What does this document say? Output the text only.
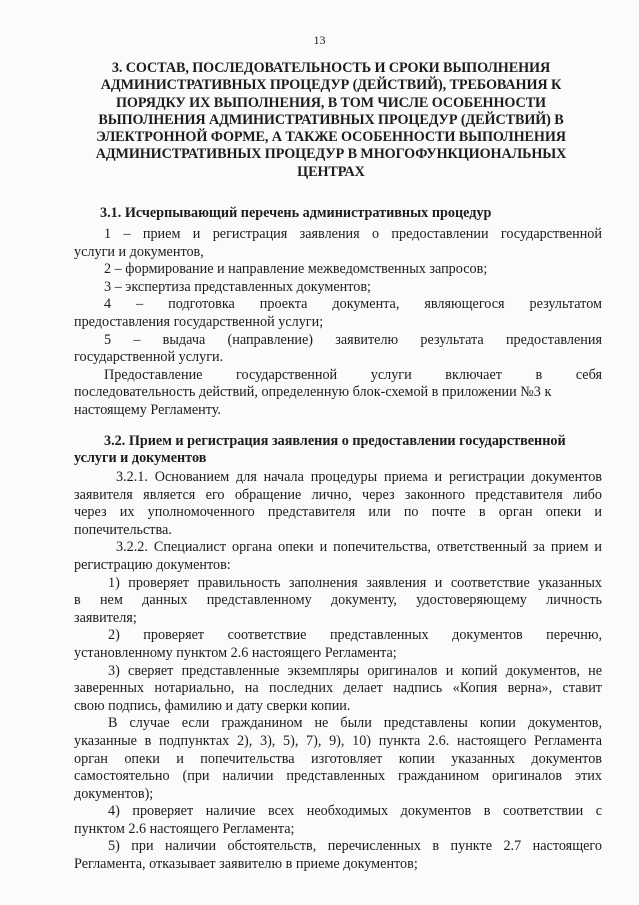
13
3. СОСТАВ, ПОСЛЕДОВАТЕЛЬНОСТЬ И СРОКИ ВЫПОЛНЕНИЯ
АДМИНИСТРАТИВНЫХ ПРОЦЕДУР (ДЕЙСТВИЙ), ТРЕБОВАНИЯ К
ПОРЯДКУ ИХ ВЫПОЛНЕНИЯ, В ТОМ ЧИСЛЕ ОСОБЕННОСТИ
ВЫПОЛНЕНИЯ АДМИНИСТРАТИВНЫХ ПРОЦЕДУР (ДЕЙСТВИЙ) В
ЭЛЕКТРОННОЙ ФОРМЕ, А ТАКЖЕ ОСОБЕННОСТИ ВЫПОЛНЕНИЯ
АДМИНИСТРАТИВНЫХ ПРОЦЕДУР В МНОГОФУНКЦИОНАЛЬНЫХ
ЦЕНТРАХ
3.1. Исчерпывающий перечень административных процедур
1 – прием и регистрация заявления о предоставлении государственной
услуги и документов,
2 – формирование и направление межведомственных запросов;
3 – экспертиза представленных документов;
4 – подготовка проекта документа, являющегося результатом
предоставления государственной услуги;
5 – выдача (направление) заявителю результата предоставления
государственной услуги.
Предоставление государственной услуги включает в себя
последовательность действий, определенную блок-схемой в приложении №3 к
настоящему Регламенту.
3.2. Прием и регистрация заявления о предоставлении государственной
услуги и документов
3.2.1. Основанием для начала процедуры приема и регистрации документов
заявителя является его обращение лично, через законного представителя либо
через их уполномоченного представителя или по почте в орган опеки и
попечительства.
3.2.2. Специалист органа опеки и попечительства, ответственный за прием и
регистрацию документов:
1) проверяет правильность заполнения заявления и соответствие указанных
в нем данных представленному документу, удостоверяющему личность
заявителя;
2) проверяет соответствие представленных документов перечню,
установленному пунктом 2.6 настоящего Регламента;
3) сверяет представленные экземпляры оригиналов и копий документов, не
заверенных нотариально, на последних делает надпись «Копия верна», ставит
свою подпись, фамилию и дату сверки копии.
В случае если гражданином не были представлены копии документов,
указанные в подпунктах 2), 3), 5), 7), 9), 10) пункта 2.6. настоящего Регламента
орган опеки и попечительства изготовляет копии указанных документов
самостоятельно (при наличии представленных гражданином оригиналов этих
документов);
4) проверяет наличие всех необходимых документов в соответствии с
пунктом 2.6 настоящего Регламента;
5) при наличии обстоятельств, перечисленных в пункте 2.7 настоящего
Регламента, отказывает заявителю в приеме документов;
